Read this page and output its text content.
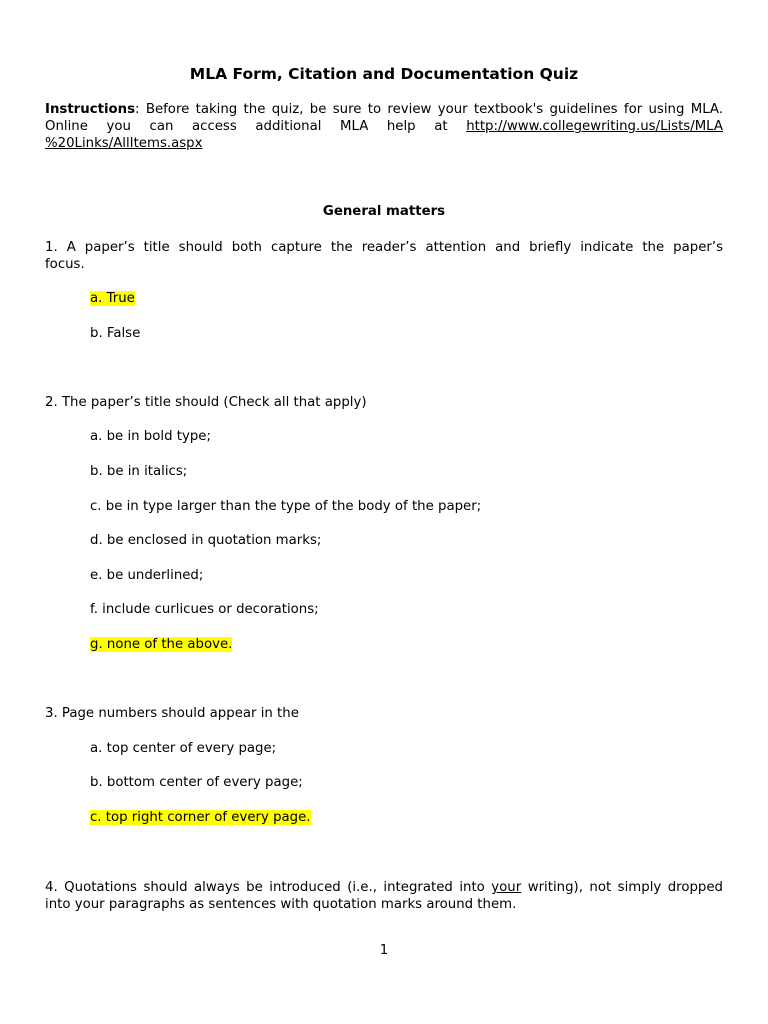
MLA Form, Citation and Documentation Quiz
Instructions: Before taking the quiz, be sure to review your textbook's guidelines for using MLA.
Online you can access additional MLA help at http://www.collegewriting.us/Lists/MLA
%20Links/AllItems.aspx
General matters
1. A paper’s title should both capture the reader’s attention and briefly indicate the paper’s
focus.
a. True
b. False
2. The paper’s title should (Check all that apply)
a. be in bold type;
b. be in italics;
c. be in type larger than the type of the body of the paper;
d. be enclosed in quotation marks;
e. be underlined;
f. include curlicues or decorations;
g. none of the above.
3. Page numbers should appear in the
a. top center of every page;
b. bottom center of every page;
c. top right corner of every page.
4. Quotations should always be introduced (i.e., integrated into your writing), not simply dropped
into your paragraphs as sentences with quotation marks around them.
1
